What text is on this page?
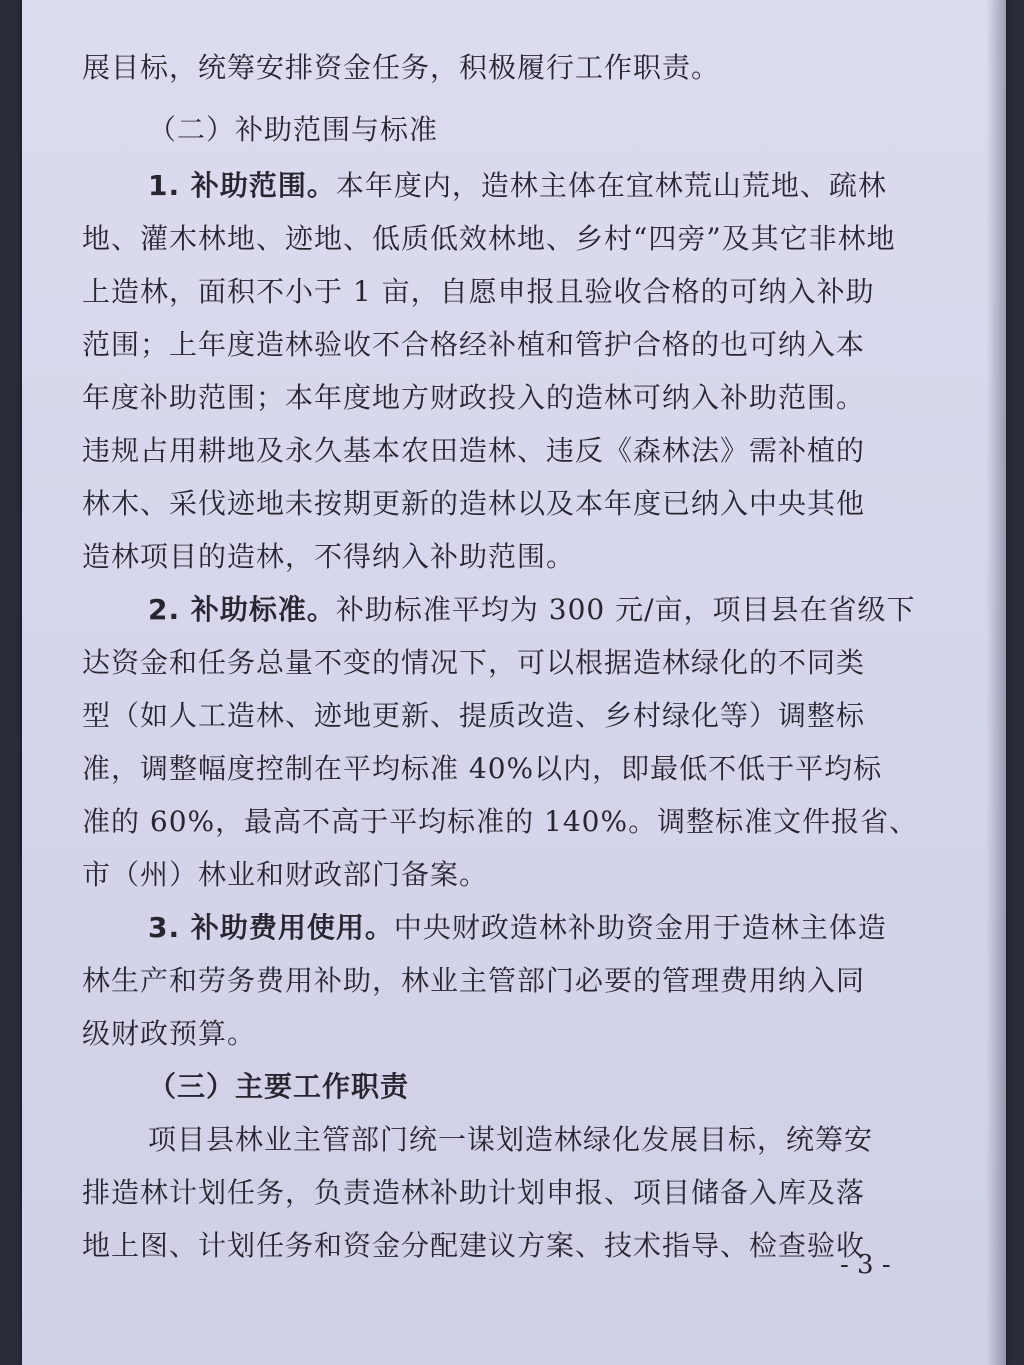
展目标，统筹安排资金任务，积极履行工作职责。
（二）补助范围与标准
1. 补助范围。本年度内，造林主体在宜林荒山荒地、疏林
地、灌木林地、迹地、低质低效林地、乡村“四旁”及其它非林地
上造林，面积不小于 1 亩，自愿申报且验收合格的可纳入补助
范围；上年度造林验收不合格经补植和管护合格的也可纳入本
年度补助范围；本年度地方财政投入的造林可纳入补助范围。
违规占用耕地及永久基本农田造林、违反《森林法》需补植的
林木、采伐迹地未按期更新的造林以及本年度已纳入中央其他
造林项目的造林，不得纳入补助范围。
2. 补助标准。补助标准平均为 300 元/亩，项目县在省级下
达资金和任务总量不变的情况下，可以根据造林绿化的不同类
型（如人工造林、迹地更新、提质改造、乡村绿化等）调整标
准，调整幅度控制在平均标准 40%以内，即最低不低于平均标
准的 60%，最高不高于平均标准的 140%。调整标准文件报省、
市（州）林业和财政部门备案。
3. 补助费用使用。中央财政造林补助资金用于造林主体造
林生产和劳务费用补助，林业主管部门必要的管理费用纳入同
级财政预算。
（三）主要工作职责
项目县林业主管部门统一谋划造林绿化发展目标，统筹安
排造林计划任务，负责造林补助计划申报、项目储备入库及落
地上图、计划任务和资金分配建议方案、技术指导、检查验收
- 3 -
